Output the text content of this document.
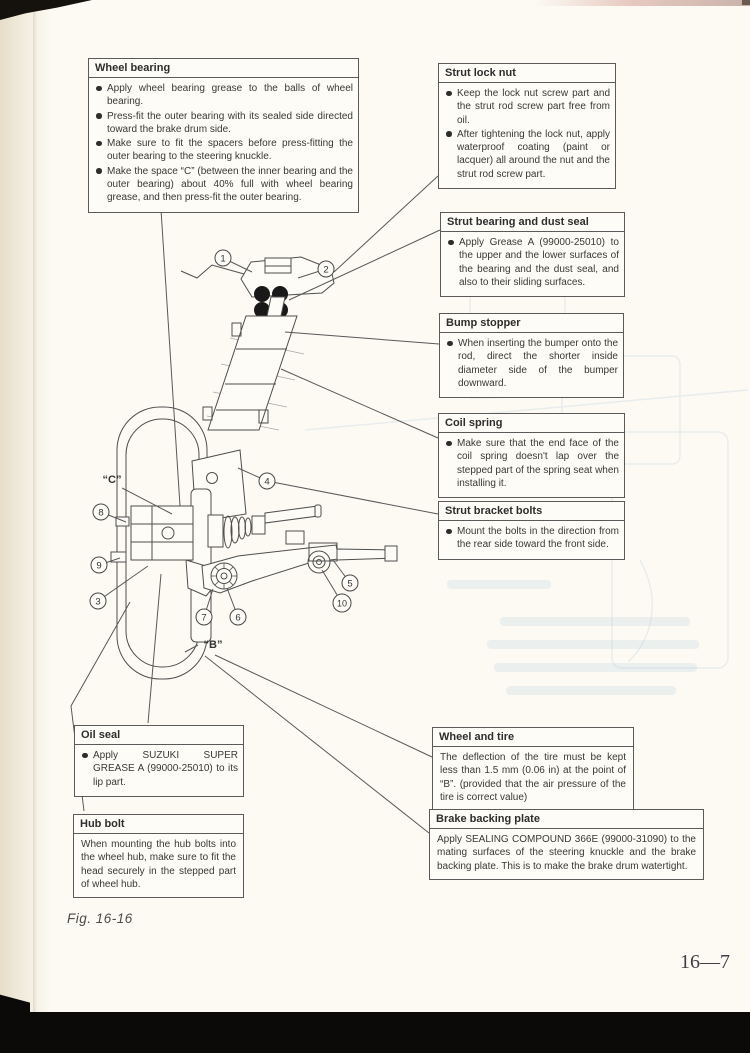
1
2
3
4
5
6
7
8
9
10
“C”
“B”
Wheel bearing
Apply wheel bearing grease to the balls of wheel bearing.
Press-fit the outer bearing with its sealed side directed toward the brake drum side.
Make sure to fit the spacers before press-fitting the outer bearing to the steering knuckle.
Make the space “C” (between the inner bearing and the outer bearing) about 40% full with wheel bearing grease, and then press-fit the outer bearing.
Strut lock nut
Keep the lock nut screw part and the strut rod screw part free from oil.
After tightening the lock nut, apply waterproof coating (paint or lacquer) all around the nut and the strut rod screw part.
Strut bearing and dust seal
Apply Grease A (99000-25010) to the upper and the lower surfaces of the bearing and the dust seal, and also to their sliding surfaces.
Bump stopper
When inserting the bumper onto the rod, direct the shorter inside diameter side of the bumper downward.
Coil spring
Make sure that the end face of the coil spring doesn't lap over the stepped part of the spring seat when installing it.
Strut bracket bolts
Mount the bolts in the direction from the rear side toward the front side.
Oil seal
Apply SUZUKI SUPER GREASE A (99000-25010) to its lip part.
Hub bolt
When mounting the hub bolts into the wheel hub, make sure to fit the head securely in the stepped part of wheel hub.
Wheel and tire
The deflection of the tire must be kept less than 1.5 mm (0.06 in) at the point of “B”. (provided that the air pressure of the tire is correct value)
Brake backing plate
Apply SEALING COMPOUND 366E (99000-31090) to the mating surfaces of the steering knuckle and the brake backing plate. This is to make the brake drum watertight.
Fig. 16-16
16—7
